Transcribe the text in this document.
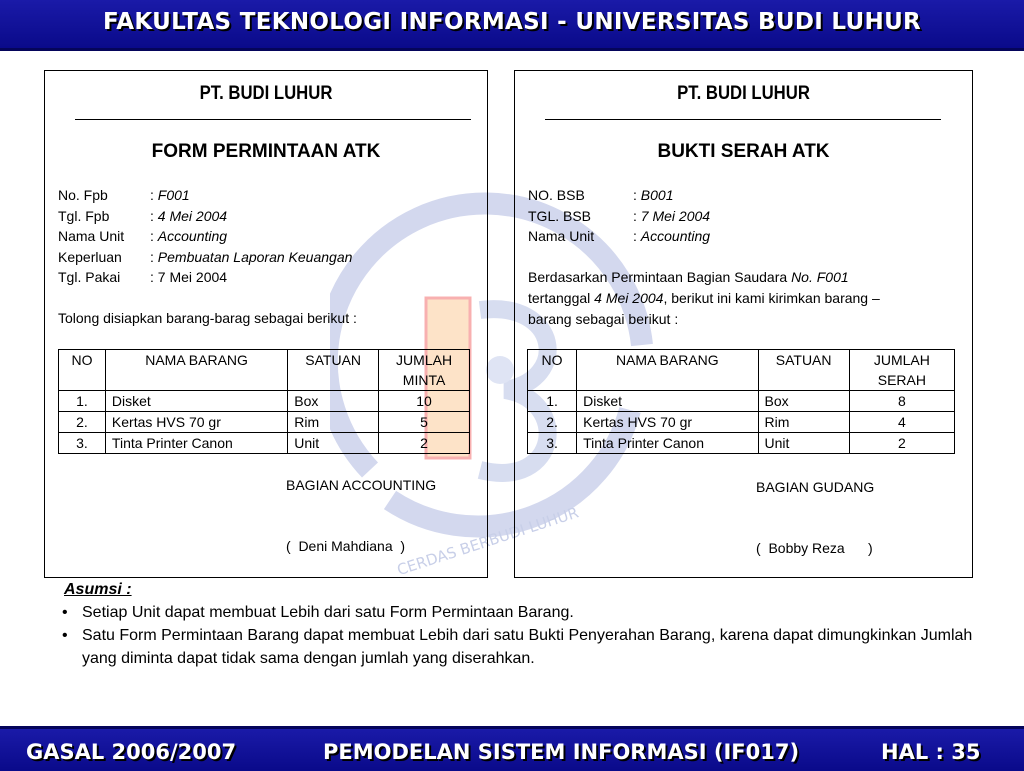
FAKULTAS TEKNOLOGI INFORMASI - UNIVERSITAS BUDI LUHUR
CERDAS BERBUDI LUHUR
PT. BUDI LUHUR
FORM PERMINTAAN ATK
No. Fpb	:
F001
Tgl. Fpb	:
4 Mei 2004
Nama Unit	:
Accounting
Keperluan	:
Pembuatan Laporan Keuangan
Tgl. Pakai	:
7 Mei 2004
Tolong disiapkan barang-barag sebagai berikut :
NO	NAMA BARANG	SATUAN	JUMLAH MINTA
1.	Disket	Box	10
2.	Kertas HVS 70 gr	Rim	5
3.	Tinta Printer Canon	Unit	2
BAGIAN ACCOUNTING
(  Deni Mahdiana  )
PT. BUDI LUHUR
BUKTI SERAH ATK
NO. BSB	:
B001
TGL. BSB	:
7 Mei 2004
Nama Unit	:
Accounting
Berdasarkan Permintaan Bagian Saudara No. F001
tertanggal 4 Mei 2004, berikut ini kami kirimkan barang –
barang sebagai berikut :
NO	NAMA BARANG	SATUAN	JUMLAH SERAH
1.	Disket	Box	8
2.	Kertas HVS 70 gr	Rim	4
3.	Tinta Printer Canon	Unit	2
BAGIAN GUDANG
(  Bobby Reza      )
Asumsi :
• Setiap Unit dapat membuat Lebih dari satu Form Permintaan Barang.
• Satu Form Permintaan Barang dapat membuat Lebih dari satu Bukti Penyerahan Barang, karena dapat dimungkinkan Jumlah yang diminta dapat tidak sama dengan jumlah yang diserahkan.
GASAL 2006/2007	PEMODELAN SISTEM INFORMASI (IF017)	HAL : 35
